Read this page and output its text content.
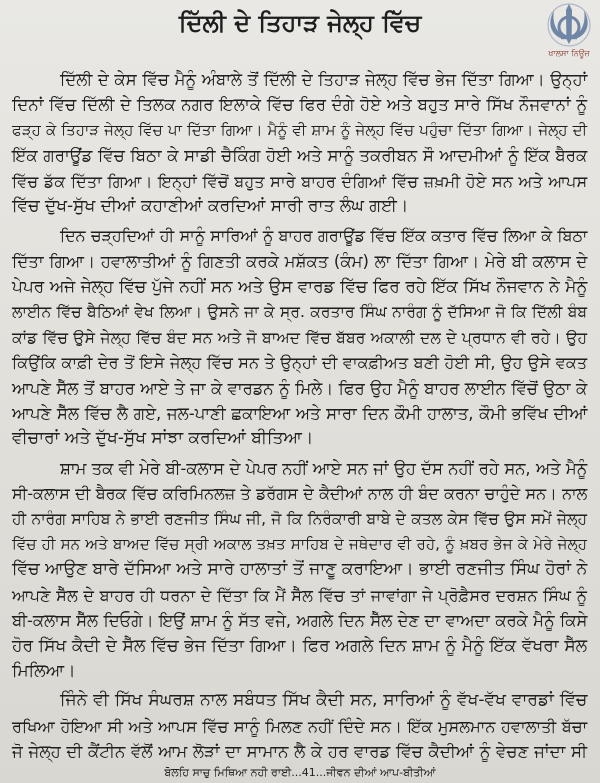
ਦਿੱਲੀ ਦੇ ਤਿਹਾੜ ਜੇਲ੍ਹ ਵਿੱਚ
ਖਾਲਸਾ ਨਿਊਜ਼
ਦਿੱਲੀ ਦੇ ਕੇਸ ਵਿੱਚ ਮੈਨੂੰ ਅੰਬਾਲੇ ਤੋਂ ਦਿੱਲੀ ਦੇ ਤਿਹਾੜ ਜੇਲ੍ਹ ਵਿੱਚ ਭੇਜ ਦਿੱਤਾ ਗਿਆ। ਉਨ੍ਹਾਂ
ਦਿਨਾਂ ਵਿੱਚ ਦਿੱਲੀ ਦੇ ਤਿਲਕ ਨਗਰ ਇਲਾਕੇ ਵਿੱਚ ਫਿਰ ਦੰਗੇ ਹੋਏ ਅਤੇ ਬਹੁਤ ਸਾਰੇ ਸਿੱਖ ਨੌਜਵਾਨਾਂ ਨੂੰ
ਫੜ੍ਹ ਕੇ ਤਿਹਾੜ ਜੇਲ੍ਹ ਵਿੱਚ ਪਾ ਦਿੱਤਾ ਗਿਆ। ਮੈਨੂੰ ਵੀ ਸ਼ਾਮ ਨੂੰ ਜੇਲ੍ਹ ਵਿੱਚ ਪਹੁੰਚਾ ਦਿੱਤਾ ਗਿਆ। ਜੇਲ੍ਹ ਦੀ
ਇੱਕ ਗਰਾਊਂਡ ਵਿੱਚ ਬਿਠਾ ਕੇ ਸਾਡੀ ਚੈਕਿੰਗ ਹੋਈ ਅਤੇ ਸਾਨੂੰ ਤਕਰੀਬਨ ਸੌ ਆਦਮੀਆਂ ਨੂੰ ਇੱਕ ਬੈਰਕ
ਵਿੱਚ ਡੱਕ ਦਿੱਤਾ ਗਿਆ। ਇਨ੍ਹਾਂ ਵਿੱਚੋਂ ਬਹੁਤ ਸਾਰੇ ਬਾਹਰ ਦੰਗਿਆਂ ਵਿੱਚ ਜ਼ਖ਼ਮੀ ਹੋਏ ਸਨ ਅਤੇ ਆਪਸ
ਵਿੱਚ ਦੁੱਖ-ਸੁੱਖ ਦੀਆਂ ਕਹਾਣੀਆਂ ਕਰਦਿਆਂ ਸਾਰੀ ਰਾਤ ਲੰਘ ਗਈ।
ਦਿਨ ਚੜ੍ਹਦਿਆਂ ਹੀ ਸਾਨੂੰ ਸਾਰਿਆਂ ਨੂੰ ਬਾਹਰ ਗਰਾਊਂਡ ਵਿੱਚ ਇੱਕ ਕਤਾਰ ਵਿੱਚ ਲਿਆ ਕੇ ਬਿਠਾ
ਦਿੱਤਾ ਗਿਆ। ਹਵਾਲਾਤੀਆਂ ਨੂੰ ਗਿਣਤੀ ਕਰਕੇ ਮਸ਼ੱਕਤ (ਕੰਮ) ਲਾ ਦਿੱਤਾ ਗਿਆ। ਮੇਰੇ ਬੀ ਕਲਾਸ ਦੇ
ਪੇਪਰ ਅਜੇ ਜੇਲ੍ਹ ਵਿੱਚ ਪੁੱਜੇ ਨਹੀਂ ਸਨ ਅਤੇ ਉਸ ਵਾਰਡ ਵਿੱਚ ਫਿਰ ਰਹੇ ਇੱਕ ਸਿੱਖ ਨੌਜਵਾਨ ਨੇ ਮੈਨੂੰ
ਲਾਈਨ ਵਿੱਚ ਬੈਠਿਆਂ ਵੇਖ ਲਿਆ। ਉਸਨੇ ਜਾ ਕੇ ਸ੍ਰ. ਕਰਤਾਰ ਸਿੰਘ ਨਾਰੰਗ ਨੂੰ ਦੱਸਿਆ ਜੋ ਕਿ ਦਿੱਲੀ ਬੰਬ
ਕਾਂਡ ਵਿੱਚ ਉਸੇ ਜੇਲ੍ਹ ਵਿੱਚ ਬੰਦ ਸਨ ਅਤੇ ਜੋ ਬਾਅਦ ਵਿੱਚ ਬੱਬਰ ਅਕਾਲੀ ਦਲ ਦੇ ਪ੍ਰਧਾਨ ਵੀ ਰਹੇ। ਉਹ
ਕਿਉਂਕਿ ਕਾਫ਼ੀ ਦੇਰ ਤੋਂ ਇਸੇ ਜੇਲ੍ਹ ਵਿੱਚ ਸਨ ਤੇ ਉਨ੍ਹਾਂ ਦੀ ਵਾਕਫ਼ੀਅਤ ਬਣੀ ਹੋਈ ਸੀ, ਉਹ ਉਸੇ ਵਕਤ
ਆਪਣੇ ਸੈੱਲ ਤੋਂ ਬਾਹਰ ਆਏ ਤੇ ਜਾ ਕੇ ਵਾਰਡਨ ਨੂੰ ਮਿਲੇ। ਫਿਰ ਉਹ ਮੈਨੂੰ ਬਾਹਰ ਲਾਈਨ ਵਿੱਚੋਂ ਉਠਾ ਕੇ
ਆਪਣੇ ਸੈੱਲ ਵਿੱਚ ਲੈ ਗਏ, ਜਲ-ਪਾਣੀ ਛਕਾਇਆ ਅਤੇ ਸਾਰਾ ਦਿਨ ਕੌਮੀ ਹਾਲਾਤ, ਕੌਮੀ ਭਵਿੱਖ ਦੀਆਂ
ਵੀਚਾਰਾਂ ਅਤੇ ਦੁੱਖ-ਸੁੱਖ ਸਾਂਝਾ ਕਰਦਿਆਂ ਬੀਤਿਆ।
ਸ਼ਾਮ ਤਕ ਵੀ ਮੇਰੇ ਬੀ-ਕਲਾਸ ਦੇ ਪੇਪਰ ਨਹੀਂ ਆਏ ਸਨ ਜਾਂ ਉਹ ਦੱਸ ਨਹੀਂ ਰਹੇ ਸਨ, ਅਤੇ ਮੈਨੂੰ
ਸੀ-ਕਲਾਸ ਦੀ ਬੈਰਕ ਵਿੱਚ ਕਰਿਮਿਨਲਜ਼ ਤੇ ਡਰੱਗਸ ਦੇ ਕੈਦੀਆਂ ਨਾਲ ਹੀ ਬੰਦ ਕਰਨਾ ਚਾਹੁੰਦੇ ਸਨ। ਨਾਲ
ਹੀ ਨਾਰੰਗ ਸਾਹਿਬ ਨੇ ਭਾਈ ਰਣਜੀਤ ਸਿੰਘ ਜੀ, ਜੋ ਕਿ ਨਿਰੰਕਾਰੀ ਬਾਬੇ ਦੇ ਕਤਲ ਕੇਸ ਵਿੱਚ ਉਸ ਸਮੇਂ ਜੇਲ੍ਹ
ਵਿੱਚ ਹੀ ਸਨ ਅਤੇ ਬਾਅਦ ਵਿੱਚ ਸ੍ਰੀ ਅਕਾਲ ਤਖ਼ਤ ਸਾਹਿਬ ਦੇ ਜਥੇਦਾਰ ਵੀ ਰਹੇ, ਨੂੰ ਖ਼ਬਰ ਭੇਜ ਕੇ ਮੇਰੇ ਜੇਲ੍ਹ
ਵਿੱਚ ਆਉਣ ਬਾਰੇ ਦੱਸਿਆ ਅਤੇ ਸਾਰੇ ਹਾਲਾਤਾਂ ਤੋਂ ਜਾਣੂ ਕਰਾਇਆ। ਭਾਈ ਰਣਜੀਤ ਸਿੰਘ ਹੋਰਾਂ ਨੇ
ਆਪਣੇ ਸੈੱਲ ਦੇ ਬਾਹਰ ਹੀ ਧਰਨਾ ਦੇ ਦਿੱਤਾ ਕਿ ਮੈਂ ਸੈੱਲ ਵਿੱਚ ਤਾਂ ਜਾਵਾਂਗਾ ਜੇ ਪ੍ਰੋਫ਼ੈਸਰ ਦਰਸ਼ਨ ਸਿੰਘ ਨੂੰ
ਬੀ-ਕਲਾਸ ਸੈੱਲ ਦਿਓਗੇ। ਇਉਂ ਸ਼ਾਮ ਨੂੰ ਸੱਤ ਵਜੇ, ਅਗਲੇ ਦਿਨ ਸੈੱਲ ਦੇਣ ਦਾ ਵਾਅਦਾ ਕਰਕੇ ਮੈਨੂੰ ਕਿਸੇ
ਹੋਰ ਸਿੱਖ ਕੈਦੀ ਦੇ ਸੈੱਲ ਵਿੱਚ ਭੇਜ ਦਿੱਤਾ ਗਿਆ। ਫਿਰ ਅਗਲੇ ਦਿਨ ਸ਼ਾਮ ਨੂੰ ਮੈਨੂੰ ਇੱਕ ਵੱਖਰਾ ਸੈੱਲ
ਮਿਲਿਆ।
ਜਿੰਨੇ ਵੀ ਸਿੱਖ ਸੰਘਰਸ਼ ਨਾਲ ਸਬੰਧਤ ਸਿੱਖ ਕੈਦੀ ਸਨ, ਸਾਰਿਆਂ ਨੂੰ ਵੱਖ-ਵੱਖ ਵਾਰਡਾਂ ਵਿੱਚ
ਰਖਿਆ ਹੋਇਆ ਸੀ ਅਤੇ ਆਪਸ ਵਿੱਚ ਸਾਨੂੰ ਮਿਲਣ ਨਹੀਂ ਦਿੰਦੇ ਸਨ। ਇੱਕ ਮੁਸਲਮਾਨ ਹਵਾਲਾਤੀ ਬੱਚਾ
ਜੋ ਜੇਲ੍ਹ ਦੀ ਕੈਂਟੀਨ ਵੱਲੋਂ ਆਮ ਲੋੜਾਂ ਦਾ ਸਾਮਾਨ ਲੈ ਕੇ ਹਰ ਵਾਰਡ ਵਿੱਚ ਕੈਦੀਆਂ ਨੂੰ ਵੇਚਣ ਜਾਂਦਾ ਸੀ
ਬੋਲਹਿ ਸਾਚੁ ਮਿਥਿਆ ਨਹੀ ਰਾਈ...41...ਜੀਵਨ ਦੀਆਂ ਆਪ-ਬੀਤੀਆਂ
